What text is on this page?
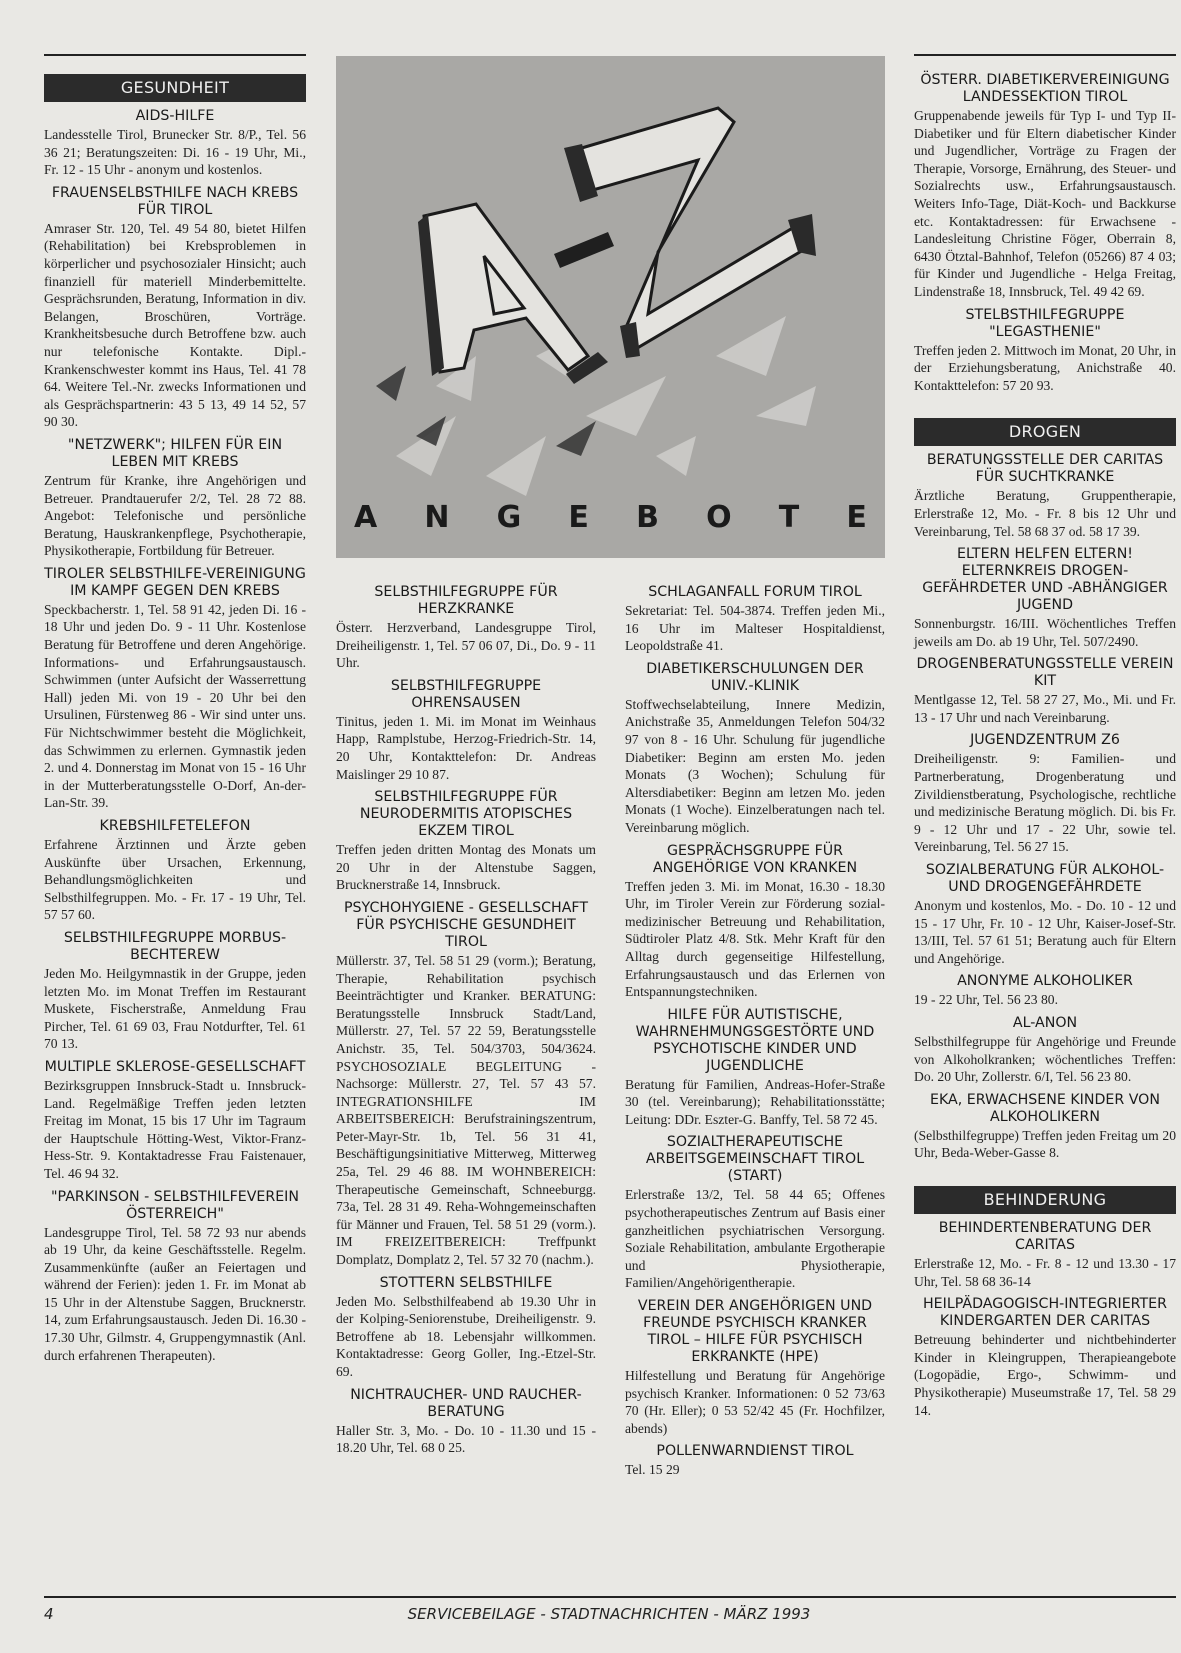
GESUNDHEIT
AIDS-HILFE

Landesstelle Tirol, Brunecker Str. 8/P., Tel. 56 36 21; Beratungszeiten: Di. 16 - 19 Uhr, Mi., Fr. 12 - 15 Uhr - anonym und kostenlos.

FRAUENSELBSTHILFE NACH KREBS FÜR TIROL

Amraser Str. 120, Tel. 49 54 80, bietet Hilfen (Rehabilitation) bei Krebsproblemen in körperlicher und psychosozialer Hinsicht; auch finanziell für materiell Minderbemittelte. Gesprächsrunden, Beratung, Information in div. Belangen, Broschüren, Vorträge. Krankheitsbesuche durch Betroffene bzw. auch nur telefonische Kontakte. Dipl.-Krankenschwester kommt ins Haus, Tel. 41 78 64. Weitere Tel.-Nr. zwecks Informationen und als Gesprächspartnerin: 43 5 13, 49 14 52, 57 90 30.

"NETZWERK"; HILFEN FÜR EIN LEBEN MIT KREBS

Zentrum für Kranke, ihre Angehörigen und Betreuer. Prandtauerufer 2/2, Tel. 28 72 88. Angebot: Telefonische und persönliche Beratung, Hauskrankenpflege, Psychotherapie, Physikotherapie, Fortbildung für Betreuer.

TIROLER SELBSTHILFE-VEREINIGUNG IM KAMPF GEGEN DEN KREBS

Speckbacherstr. 1, Tel. 58 91 42, jeden Di. 16 - 18 Uhr und jeden Do. 9 - 11 Uhr. Kostenlose Beratung für Betroffene und deren Angehörige. Informations- und Erfahrungsaustausch. Schwimmen (unter Aufsicht der Wasserrettung Hall) jeden Mi. von 19 - 20 Uhr bei den Ursulinen, Fürstenweg 86 - Wir sind unter uns. Für Nichtschwimmer besteht die Möglichkeit, das Schwimmen zu erlernen. Gymnastik jeden 2. und 4. Donnerstag im Monat von 15 - 16 Uhr in der Mutterberatungsstelle O-Dorf, An-der-Lan-Str. 39.

KREBSHILFETELEFON

Erfahrene Ärztinnen und Ärzte geben Auskünfte über Ursachen, Erkennung, Behandlungsmöglichkeiten und Selbsthilfegruppen. Mo. - Fr. 17 - 19 Uhr, Tel. 57 57 60.

SELBSTHILFEGRUPPE MORBUS-BECHTEREW

Jeden Mo. Heilgymnastik in der Gruppe, jeden letzten Mo. im Monat Treffen im Restaurant Muskete, Fischerstraße, Anmeldung Frau Pircher, Tel. 61 69 03, Frau Notdurfter, Tel. 61 70 13.

MULTIPLE SKLEROSE-GESELLSCHAFT

Bezirksgruppen Innsbruck-Stadt u. Innsbruck-Land. Regelmäßige Treffen jeden letzten Freitag im Monat, 15 bis 17 Uhr im Tagraum der Hauptschule Hötting-West, Viktor-Franz-Hess-Str. 9. Kontaktadresse Frau Faistenauer, Tel. 46 94 32.

"PARKINSON - SELBSTHILFEVEREIN ÖSTERREICH"

Landesgruppe Tirol, Tel. 58 72 93 nur abends ab 19 Uhr, da keine Geschäftsstelle. Regelm. Zusammenkünfte (außer an Feiertagen und während der Ferien): jeden 1. Fr. im Monat ab 15 Uhr in der Altenstube Saggen, Brucknerstr. 14, zum Erfahrungsaustausch. Jeden Di. 16.30 - 17.30 Uhr, Gilmstr. 4, Gruppengymnastik (Anl. durch erfahrenen Therapeuten).

SELBSTHILFEGRUPPE FÜR HERZKRANKE

Österr. Herzverband, Landesgruppe Tirol, Dreiheiligenstr. 1, Tel. 57 06 07, Di., Do. 9 - 11 Uhr.

SELBSTHILFEGRUPPE OHRENSAUSEN

Tinitus, jeden 1. Mi. im Monat im Weinhaus Happ, Ramplstube, Herzog-Friedrich-Str. 14, 20 Uhr, Kontakttelefon: Dr. Andreas Maislinger 29 10 87.

SELBSTHILFEGRUPPE FÜR NEURODERMITIS ATOPISCHES EKZEM TIROL

Treffen jeden dritten Montag des Monats um 20 Uhr in der Altenstube Saggen, Brucknerstraße 14, Innsbruck.

PSYCHOHYGIENE - GESELLSCHAFT FÜR PSYCHISCHE GESUNDHEIT TIROL

Müllerstr. 37, Tel. 58 51 29 (vorm.); Beratung, Therapie, Rehabilitation psychisch Beeinträchtigter und Kranker. BERATUNG: Beratungsstelle Innsbruck Stadt/Land, Müllerstr. 27, Tel. 57 22 59, Beratungsstelle Anichstr. 35, Tel. 504/3703, 504/3624. PSYCHOSOZIALE BEGLEITUNG - Nachsorge: Müllerstr. 27, Tel. 57 43 57. INTEGRATIONSHILFE IM ARBEITSBEREICH: Berufstrainingszentrum, Peter-Mayr-Str. 1b, Tel. 56 31 41, Beschäftigungsinitiative Mitterweg, Mitterweg 25a, Tel. 29 46 88. IM WOHNBEREICH: Therapeutische Gemeinschaft, Schneeburgg. 73a, Tel. 28 31 49. Reha-Wohngemeinschaften für Männer und Frauen, Tel. 58 51 29 (vorm.). IM FREIZEITBEREICH: Treffpunkt Domplatz, Domplatz 2, Tel. 57 32 70 (nachm.).

STOTTERN SELBSTHILFE

Jeden Mo. Selbsthilfeabend ab 19.30 Uhr in der Kolping-Seniorenstube, Dreiheiligenstr. 9. Betroffene ab 18. Lebensjahr willkommen. Kontaktadresse: Georg Goller, Ing.-Etzel-Str. 69.

NICHTRAUCHER- UND RAUCHER-BERATUNG

Haller Str. 3, Mo. - Do. 10 - 11.30 und 15 - 18.20 Uhr, Tel. 68 0 25.

SCHLAGANFALL FORUM TIROL

Sekretariat: Tel. 504-3874. Treffen jeden Mi., 16 Uhr im Malteser Hospitaldienst, Leopoldstraße 41.

DIABETIKERSCHULUNGEN DER UNIV.-KLINIK

Stoffwechselabteilung, Innere Medizin, Anichstraße 35, Anmeldungen Telefon 504/32 97 von 8 - 16 Uhr. Schulung für jugendliche Diabetiker: Beginn am ersten Mo. jeden Monats (3 Wochen); Schulung für Altersdiabetiker: Beginn am letzen Mo. jeden Monats (1 Woche). Einzelberatungen nach tel. Vereinbarung möglich.

GESPRÄCHSGRUPPE FÜR ANGEHÖRIGE VON KRANKEN

Treffen jeden 3. Mi. im Monat, 16.30 - 18.30 Uhr, im Tiroler Verein zur Förderung sozial-medizinischer Betreuung und Rehabilitation, Südtiroler Platz 4/8. Stk. Mehr Kraft für den Alltag durch gegenseitige Hilfestellung, Erfahrungsaustausch und das Erlernen von Entspannungstechniken.

HILFE FÜR AUTISTISCHE, WAHRNEHMUNGSGESTÖRTE UND PSYCHOTISCHE KINDER UND JUGENDLICHE

Beratung für Familien, Andreas-Hofer-Straße 30 (tel. Vereinbarung); Rehabilitationsstätte; Leitung: DDr. Eszter-G. Banffy, Tel. 58 72 45.

SOZIALTHERAPEUTISCHE ARBEITSGEMEINSCHAFT TIROL (START)

Erlerstraße 13/2, Tel. 58 44 65; Offenes psychotherapeutisches Zentrum auf Basis einer ganzheitlichen psychiatrischen Versorgung. Soziale Rehabilitation, ambulante Ergotherapie und Physiotherapie, Familien/Angehörigentherapie.

VEREIN DER ANGEHÖRIGEN UND FREUNDE PSYCHISCH KRANKER TIROL – HILFE FÜR PSYCHISCH ERKRANKTE (HPE)

Hilfestellung und Beratung für Angehörige psychisch Kranker. Informationen: 0 52 73/63 70 (Hr. Eller); 0 53 52/42 45 (Fr. Hochfilzer, abends)

POLLENWARNDIENST TIROL

Tel. 15 29

ÖSTERR. DIABETIKERVEREINIGUNG LANDESSEKTION TIROL

Gruppenabende jeweils für Typ I- und Typ II-Diabetiker und für Eltern diabetischer Kinder und Jugendlicher, Vorträge zu Fragen der Therapie, Vorsorge, Ernährung, des Steuer- und Sozialrechts usw., Erfahrungsaustausch. Weiters Info-Tage, Diät-Koch- und Backkurse etc. Kontaktadressen: für Erwachsene - Landesleitung Christine Föger, Oberrain 8, 6430 Ötztal-Bahnhof, Telefon (05266) 87 4 03; für Kinder und Jugendliche - Helga Freitag, Lindenstraße 18, Innsbruck, Tel. 49 42 69.

STELBSTHILFEGRUPPE "LEGASTHENIE"

Treffen jeden 2. Mittwoch im Monat, 20 Uhr, in der Erziehungsberatung, Anichstraße 40. Kontakttelefon: 57 20 93.

DROGEN
BERATUNGSSTELLE DER CARITAS FÜR SUCHTKRANKE

Ärztliche Beratung, Gruppentherapie, Erlerstraße 12, Mo. - Fr. 8 bis 12 Uhr und Vereinbarung, Tel. 58 68 37 od. 58 17 39.

ELTERN HELFEN ELTERN! ELTERNKREIS DROGEN-GEFÄHRDETER UND -ABHÄNGIGER JUGEND

Sonnenburgstr. 16/III. Wöchentliches Treffen jeweils am Do. ab 19 Uhr, Tel. 507/2490.

DROGENBERATUNGSSTELLE VEREIN KIT

Mentlgasse 12, Tel. 58 27 27, Mo., Mi. und Fr. 13 - 17 Uhr und nach Vereinbarung.

JUGENDZENTRUM Z6

Dreiheiligenstr. 9: Familien- und Partnerberatung, Drogenberatung und Zivildienstberatung, Psychologische, rechtliche und medizinische Beratung möglich. Di. bis Fr. 9 - 12 Uhr und 17 - 22 Uhr, sowie tel. Vereinbarung, Tel. 56 27 15.

SOZIALBERATUNG FÜR ALKOHOL- UND DROGENGEFÄHRDETE

Anonym und kostenlos, Mo. - Do. 10 - 12 und 15 - 17 Uhr, Fr. 10 - 12 Uhr, Kaiser-Josef-Str. 13/III, Tel. 57 61 51; Beratung auch für Eltern und Angehörige.

ANONYME ALKOHOLIKER

19 - 22 Uhr, Tel. 56 23 80.

AL-ANON

Selbsthilfegruppe für Angehörige und Freunde von Alkoholkranken; wöchentliches Treffen: Do. 20 Uhr, Zollerstr. 6/I, Tel. 56 23 80.

EKA, ERWACHSENE KINDER VON ALKOHOLIKERN

(Selbsthilfegruppe) Treffen jeden Freitag um 20 Uhr, Beda-Weber-Gasse 8.

BEHINDERUNG
BEHINDERTENBERATUNG DER CARITAS

Erlerstraße 12, Mo. - Fr. 8 - 12 und 13.30 - 17 Uhr, Tel. 58 68 36-14

HEILPÄDAGOGISCH-INTEGRIERTER KINDERGARTEN DER CARITAS

Betreuung behinderter und nichtbehinderter Kinder in Kleingruppen, Therapieangebote (Logopädie, Ergo-, Schwimm- und Physikotherapie) Museumstraße 17, Tel. 58 29 14.

A N G E B O T E
4	SERVICEBEILAGE - STADTNACHRICHTEN - MÄRZ 1993
